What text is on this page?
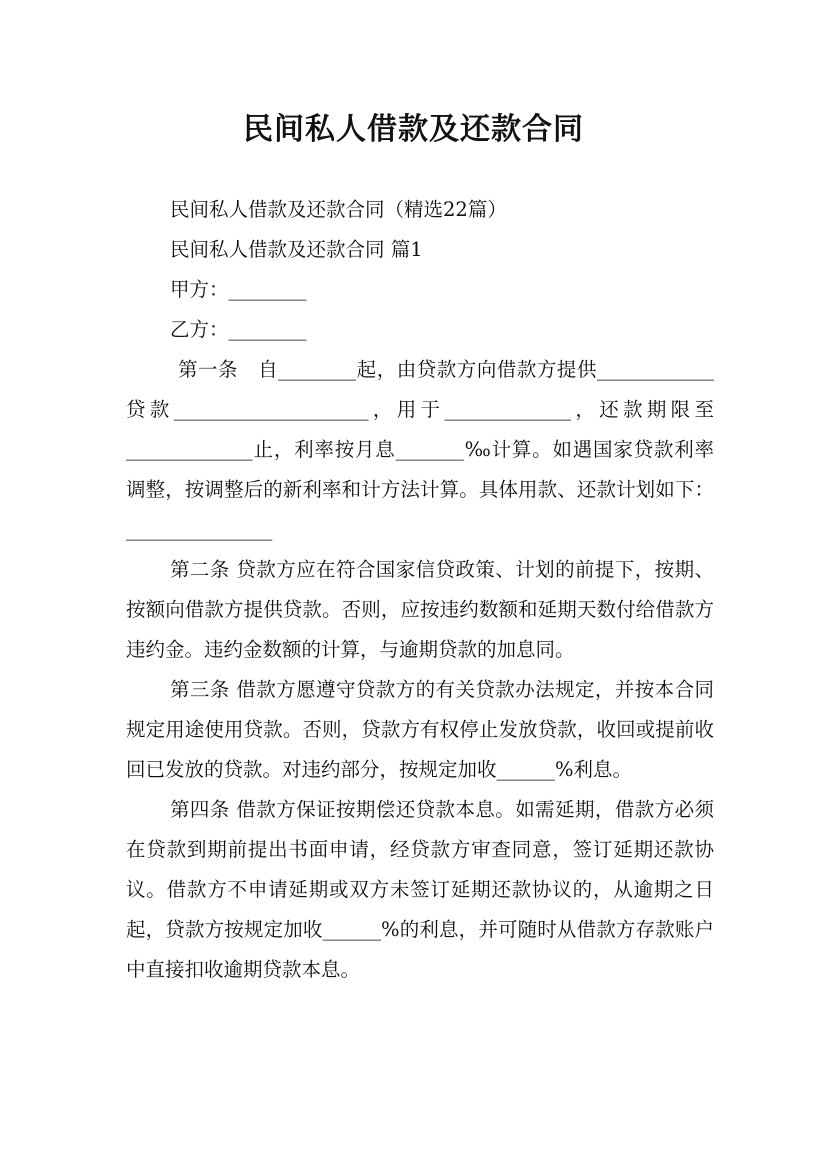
民间私人借款及还款合同

民间私人借款及还款合同（精选22篇）

民间私人借款及还款合同 篇1

甲方：________

乙方：________

第一条　自________起，由贷款方向借款方提供____________贷款____________________，用于_____________，还款期限至_____________止，利率按月息_______‰计算。如遇国家贷款利率调整，按调整后的新利率和计方法计算。具体用款、还款计划如下：_______________

第二条 贷款方应在符合国家信贷政策、计划的前提下，按期、按额向借款方提供贷款。否则，应按违约数额和延期天数付给借款方违约金。违约金数额的计算，与逾期贷款的加息同。

第三条 借款方愿遵守贷款方的有关贷款办法规定，并按本合同规定用途使用贷款。否则，贷款方有权停止发放贷款，收回或提前收回已发放的贷款。对违约部分，按规定加收______%利息。

第四条 借款方保证按期偿还贷款本息。如需延期，借款方必须在贷款到期前提出书面申请，经贷款方审查同意，签订延期还款协议。借款方不申请延期或双方未签订延期还款协议的，从逾期之日起，贷款方按规定加收______%的利息，并可随时从借款方存款账户中直接扣收逾期贷款本息。
